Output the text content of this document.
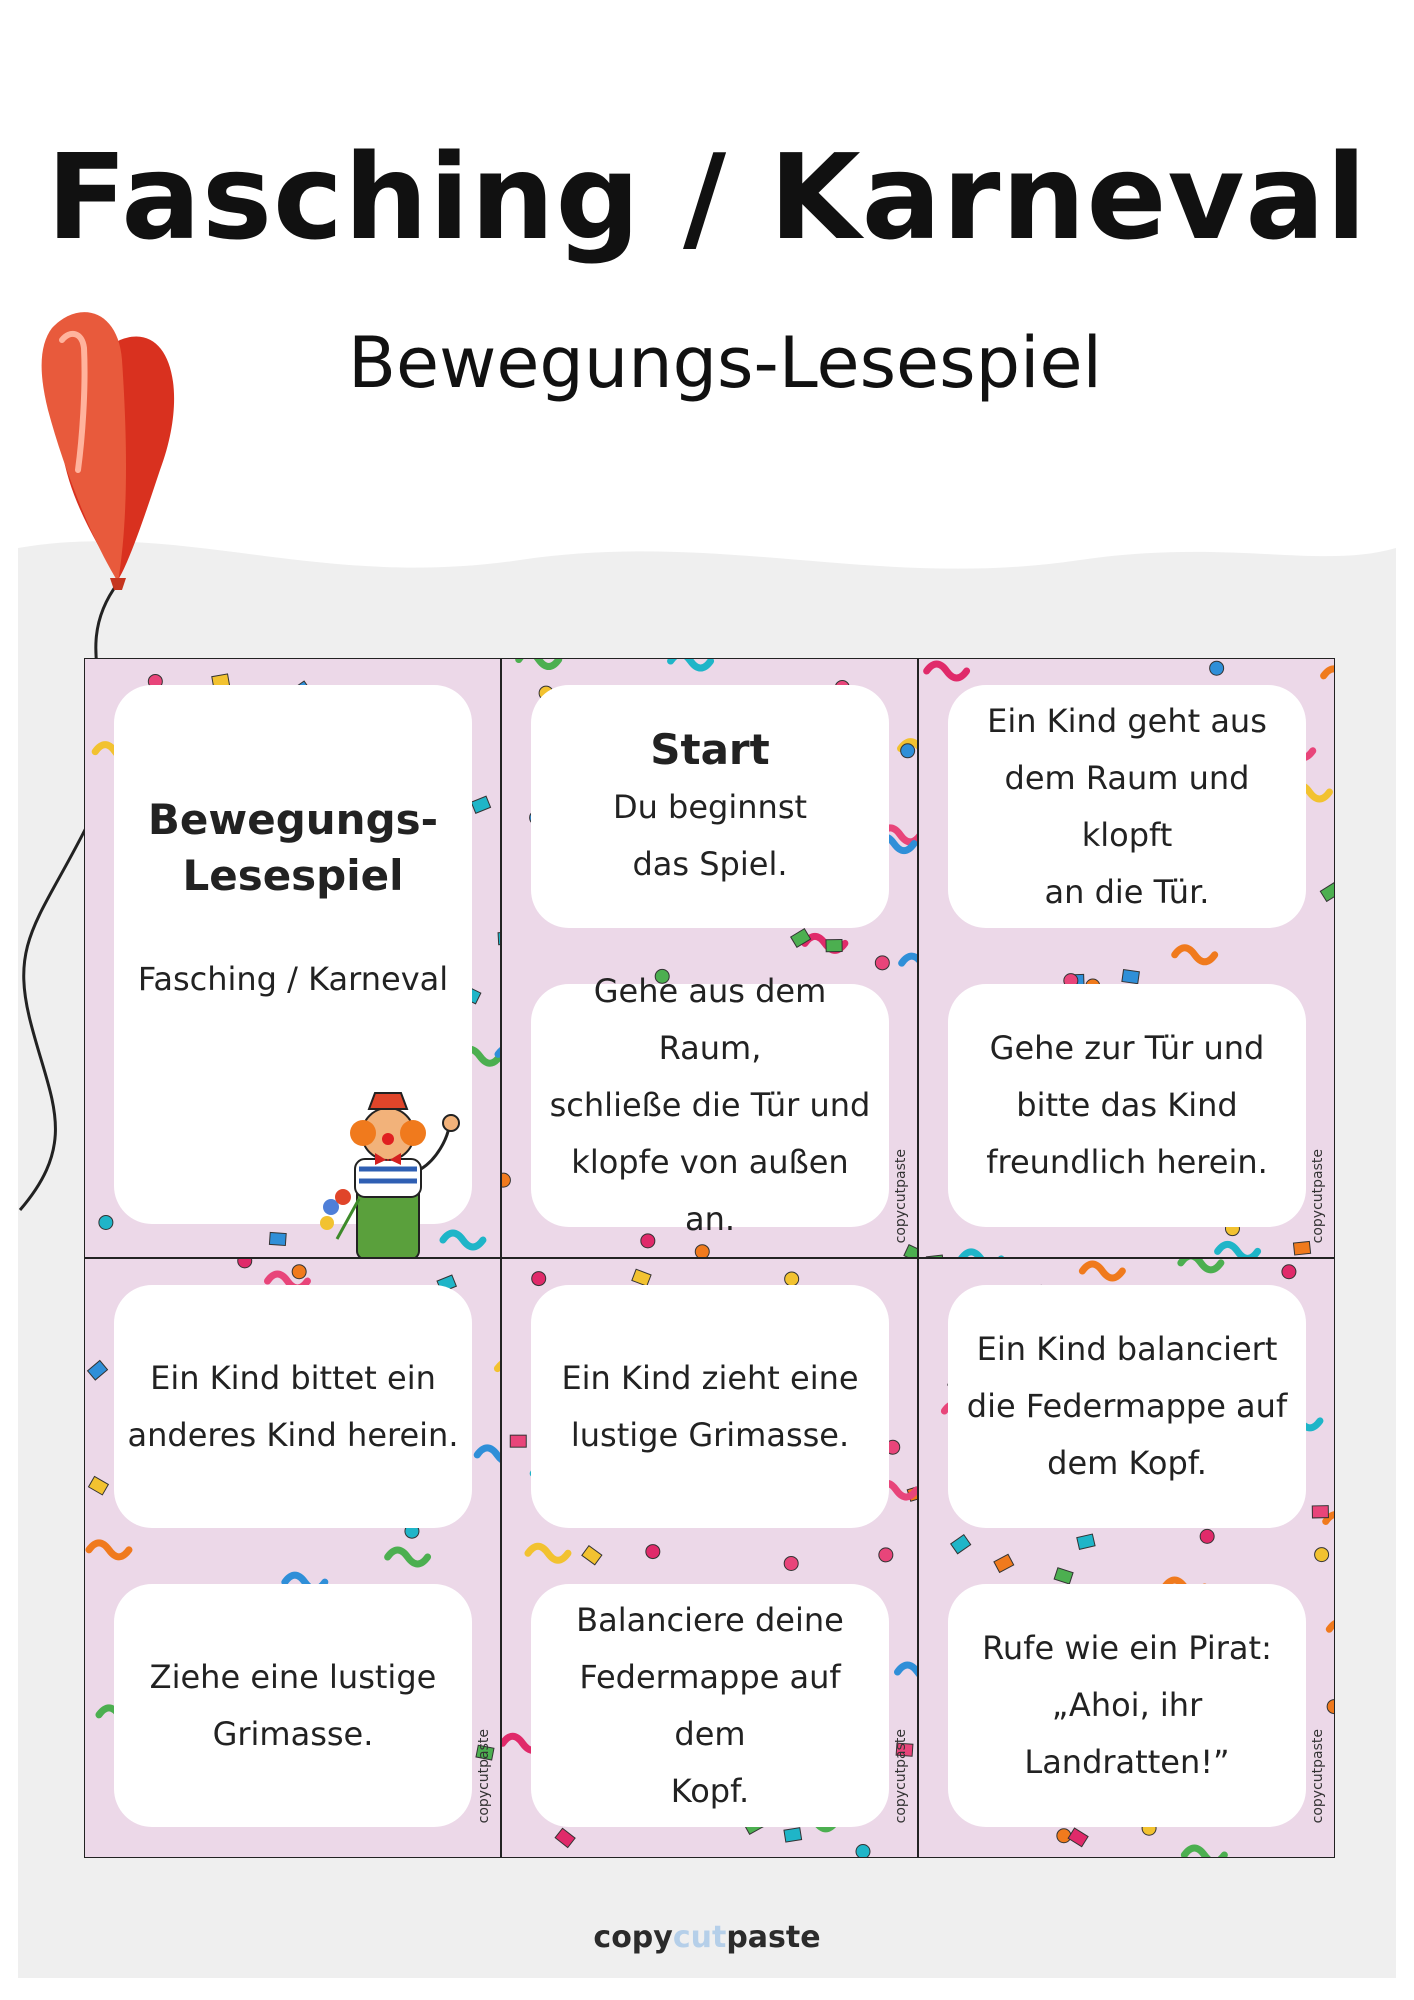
Fasching / Karneval
Bewegungs-Lesespiel
Bewegungs-
Lesespiel
Fasching / Karneval
Start
Du beginnst
das Spiel.
Gehe aus dem Raum,
schließe die Tür und
klopfe von außen an.	copycutpaste
Ein Kind geht aus
dem Raum und klopft
an die Tür.
Gehe zur Tür und
bitte das Kind
freundlich herein.	copycutpaste
Ein Kind bittet ein
anderes Kind herein.
Ziehe eine lustige
Grimasse.	copycutpaste
Ein Kind zieht eine
lustige Grimasse.
Balanciere deine
Federmappe auf dem
Kopf.	copycutpaste
Ein Kind balanciert
die Federmappe auf
dem Kopf.
Rufe wie ein Pirat:
„Ahoi, ihr Landratten!”	copycutpaste
copycutpaste
